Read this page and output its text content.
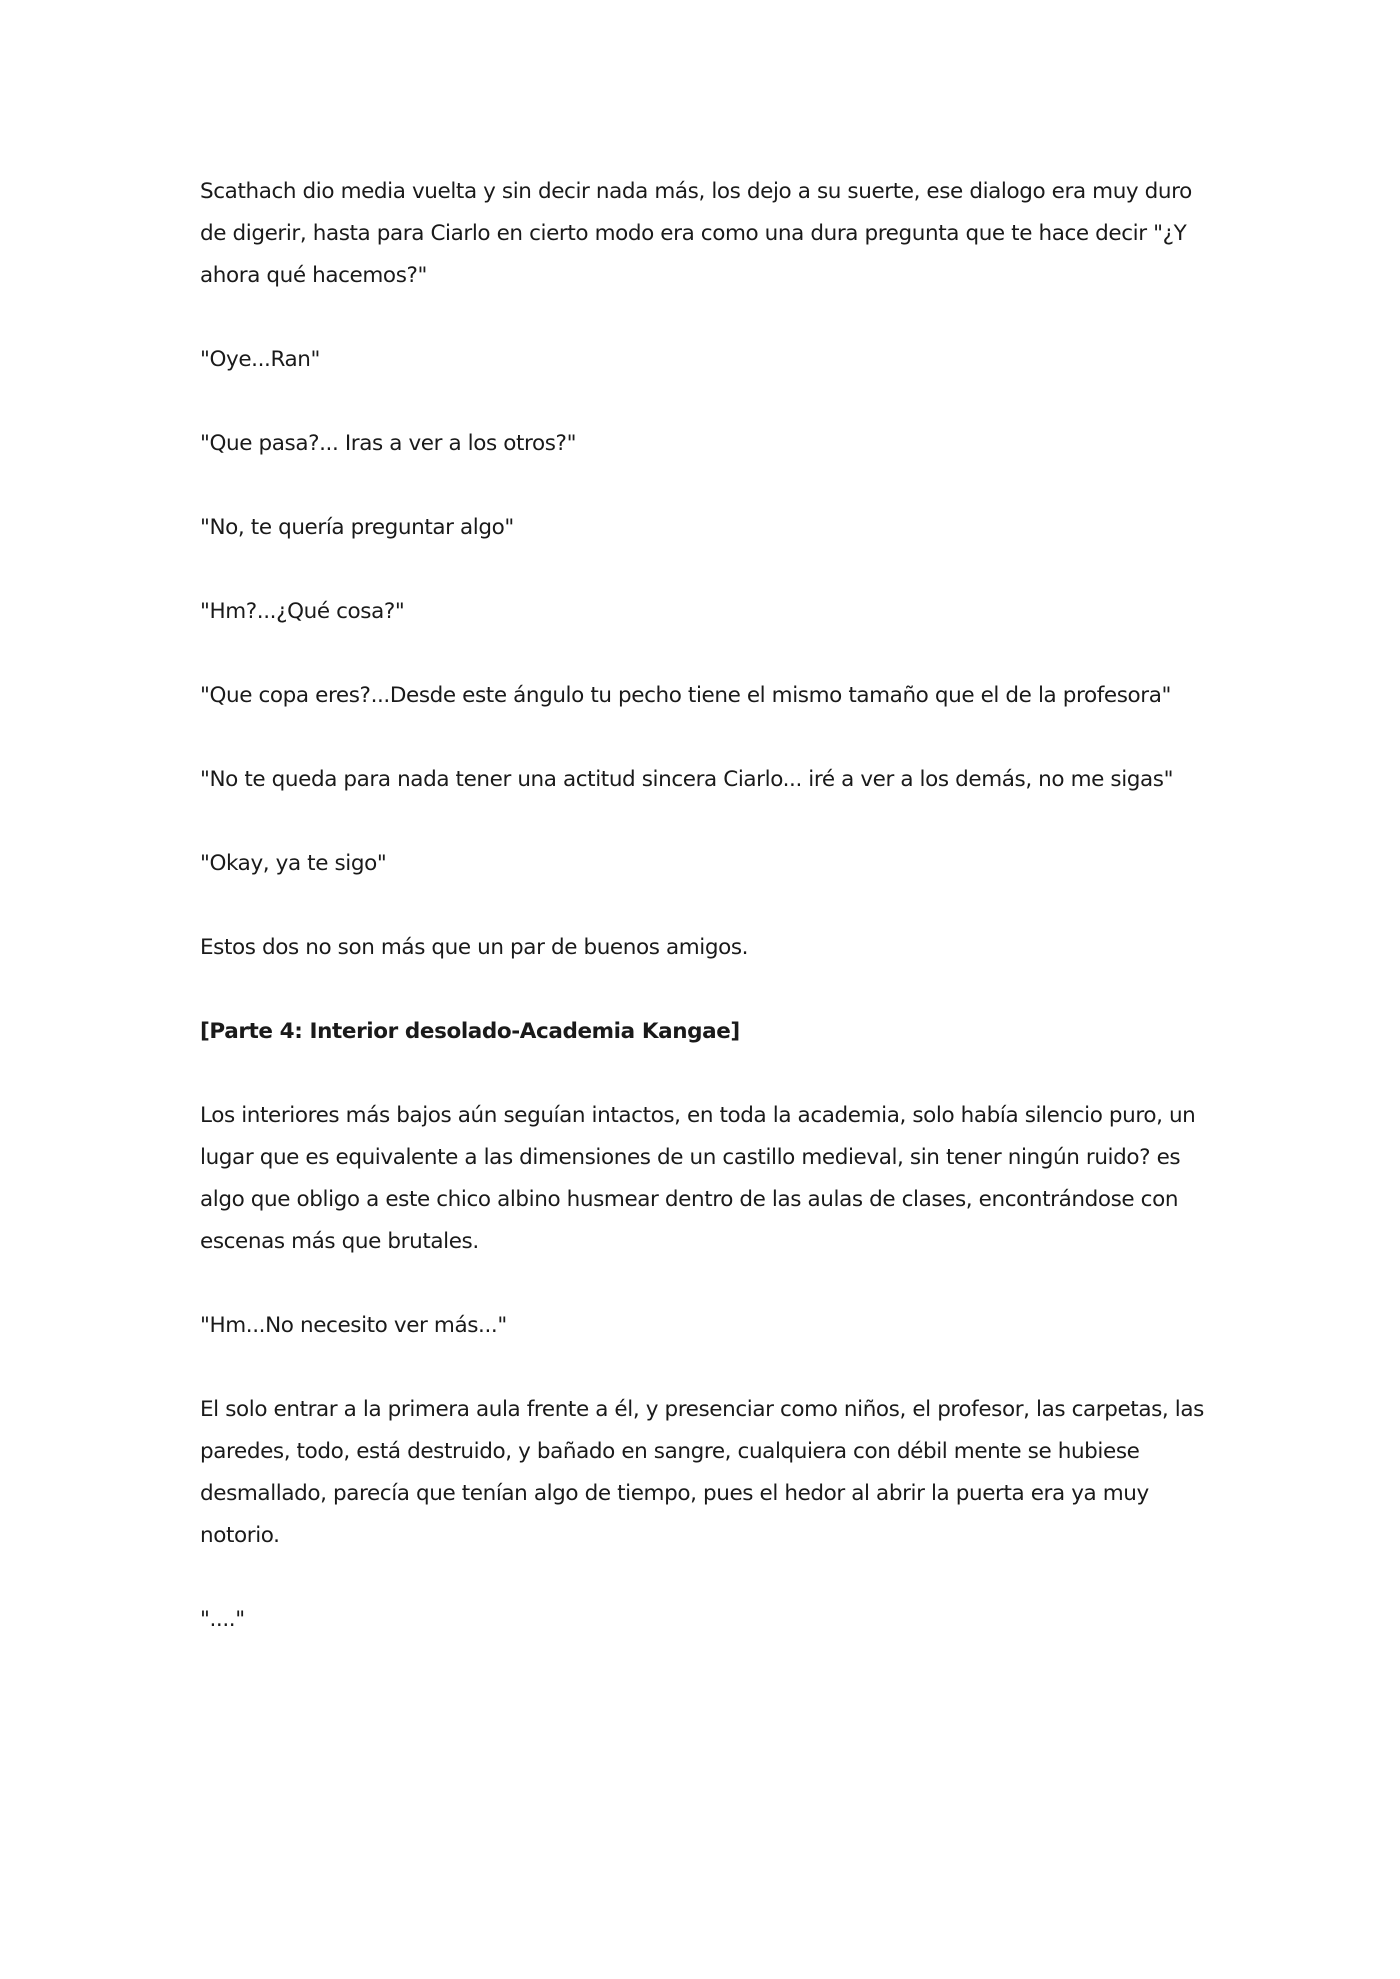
Scathach dio media vuelta y sin decir nada más, los dejo a su suerte, ese dialogo era muy duro de digerir, hasta para Ciarlo en cierto modo era como una dura pregunta que te hace decir "¿Y ahora qué hacemos?"

"Oye...Ran"

"Que pasa?... Iras a ver a los otros?"

"No, te quería preguntar algo"

"Hm?...¿Qué cosa?"

"Que copa eres?...Desde este ángulo tu pecho tiene el mismo tamaño que el de la profesora"

"No te queda para nada tener una actitud sincera Ciarlo... iré a ver a los demás, no me sigas"

"Okay, ya te sigo"

Estos dos no son más que un par de buenos amigos.

[Parte 4: Interior desolado-Academia Kangae]

Los interiores más bajos aún seguían intactos, en toda la academia, solo había silencio puro, un lugar que es equivalente a las dimensiones de un castillo medieval, sin tener ningún ruido? es algo que obligo a este chico albino husmear dentro de las aulas de clases, encontrándose con escenas más que brutales.

"Hm...No necesito ver más..."

El solo entrar a la primera aula frente a él, y presenciar como niños, el profesor, las carpetas, las paredes, todo, está destruido, y bañado en sangre, cualquiera con débil mente se hubiese desmallado, parecía que tenían algo de tiempo, pues el hedor al abrir la puerta era ya muy notorio.

"...."
